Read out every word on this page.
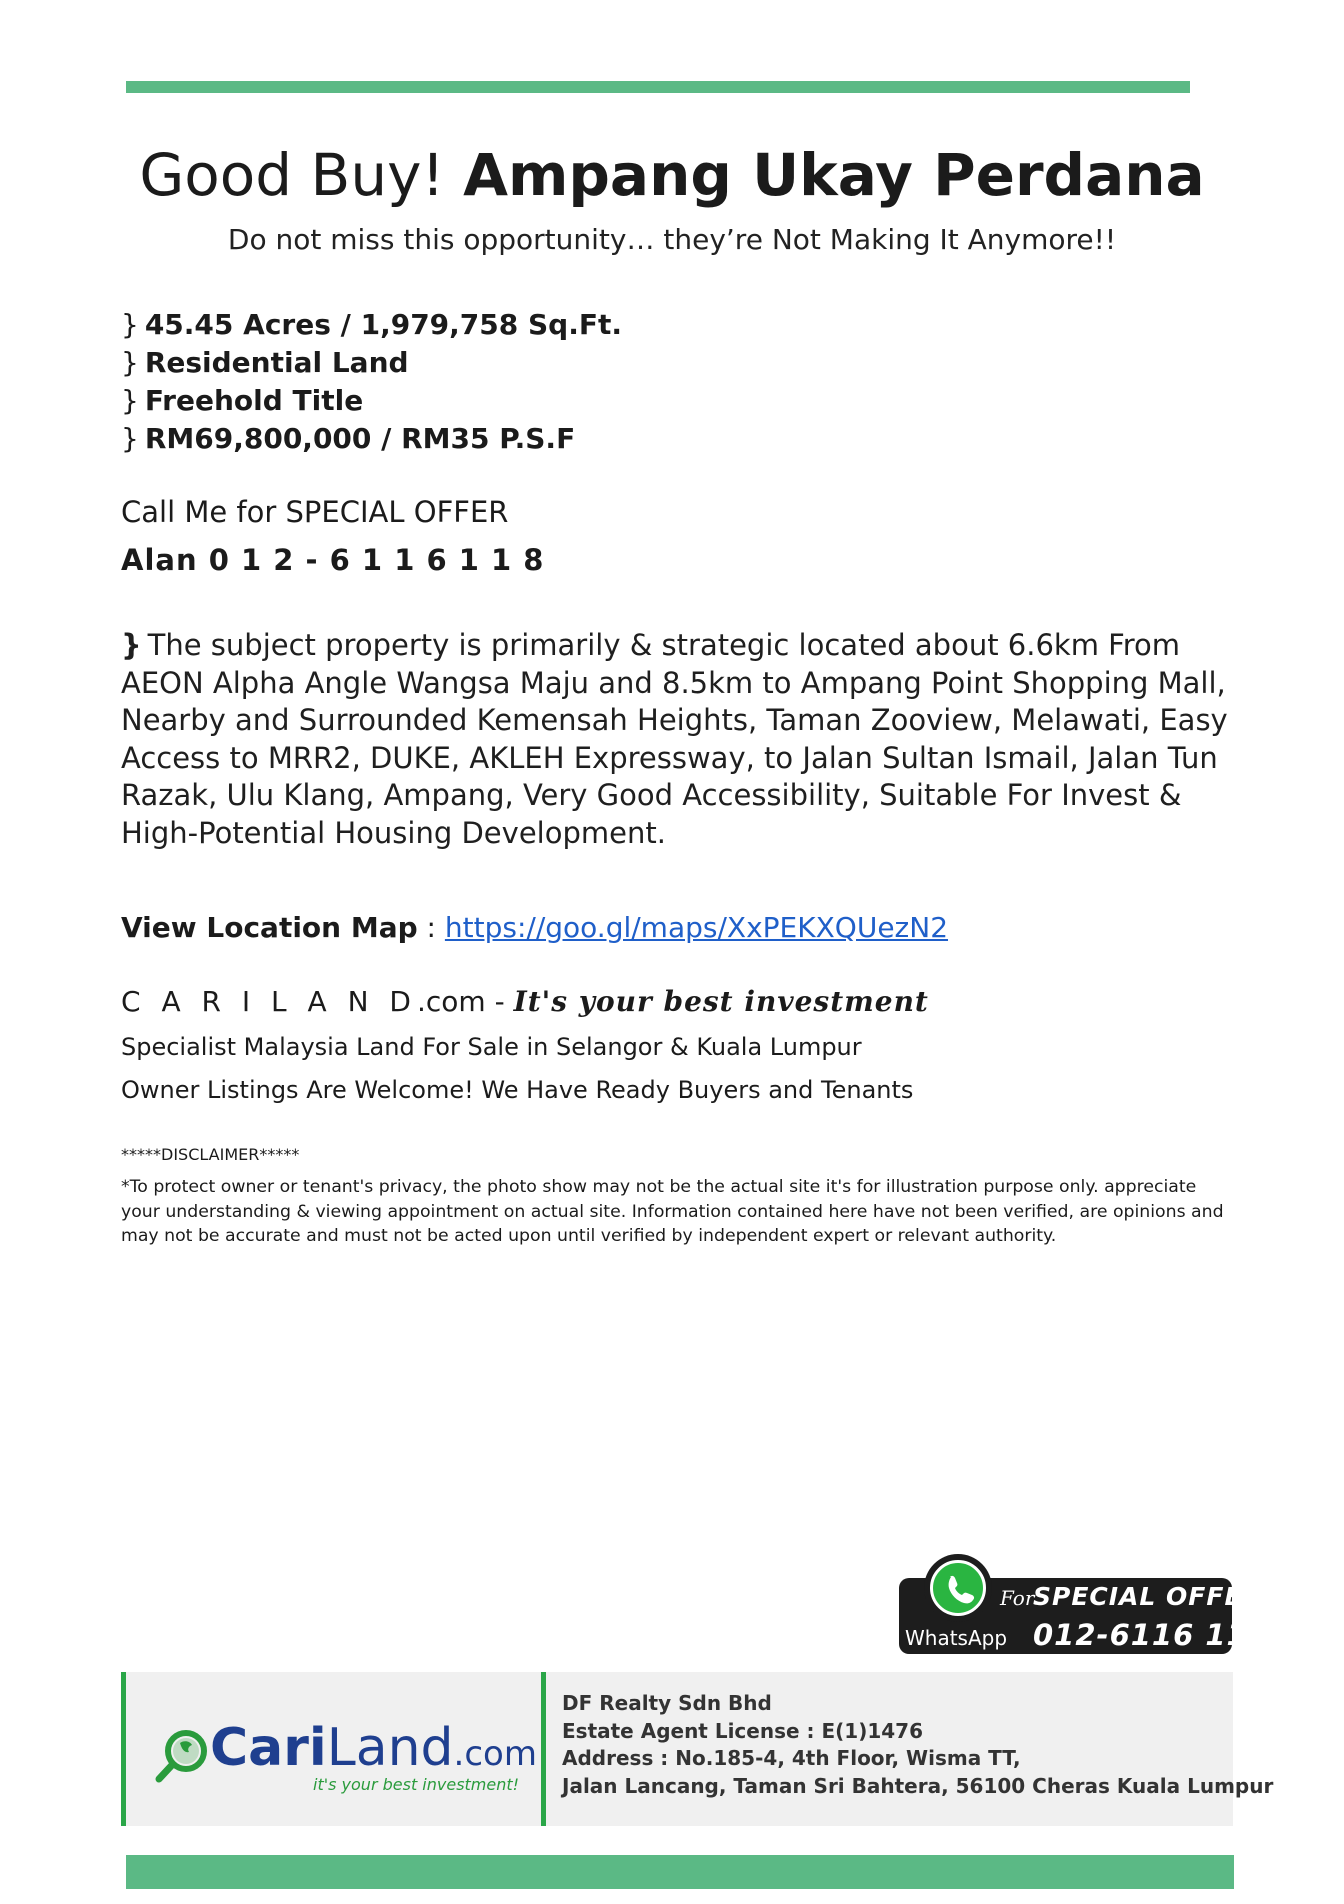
Good Buy! Ampang Ukay Perdana
Do not miss this opportunity… they’re Not Making It Anymore!!
} 45.45 Acres / 1,979,758 Sq.Ft.
} Residential Land
} Freehold Title
} RM69,800,000 / RM35 P.S.F
Call Me for SPECIAL OFFER
Alan 0 1 2 - 6 1 1 6 1 1 8
} The subject property is primarily & strategic located about 6.6km From AEON Alpha Angle Wangsa Maju and 8.5km to Ampang Point Shopping Mall, Nearby and Surrounded Kemensah Heights, Taman Zooview, Melawati, Easy Access to MRR2, DUKE, AKLEH Expressway, to Jalan Sultan Ismail, Jalan Tun Razak, Ulu Klang, Ampang, Very Good Accessibility, Suitable For Invest & High-Potential Housing Development.
View Location Map : https://goo.gl/maps/XxPEKXQUezN2
C A R I L A N D.com - It's your best investment
Specialist Malaysia Land For Sale in Selangor & Kuala Lumpur
Owner Listings Are Welcome! We Have Ready Buyers and Tenants
*****DISCLAIMER*****
*To protect owner or tenant's privacy, the photo show may not be the actual site it's for illustration purpose only. appreciate your understanding & viewing appointment on actual site. Information contained here have not been verified, are opinions and may not be accurate and must not be acted upon until verified by independent expert or relevant authority.
WhatsApp
For
SPECIAL OFFER!
012-6116 118
CariLand.com
it's your best investment!
DF Realty Sdn Bhd
Estate Agent License : E(1)1476
Address : No.185-4, 4th Floor, Wisma TT,
Jalan Lancang, Taman Sri Bahtera, 56100 Cheras Kuala Lumpur
